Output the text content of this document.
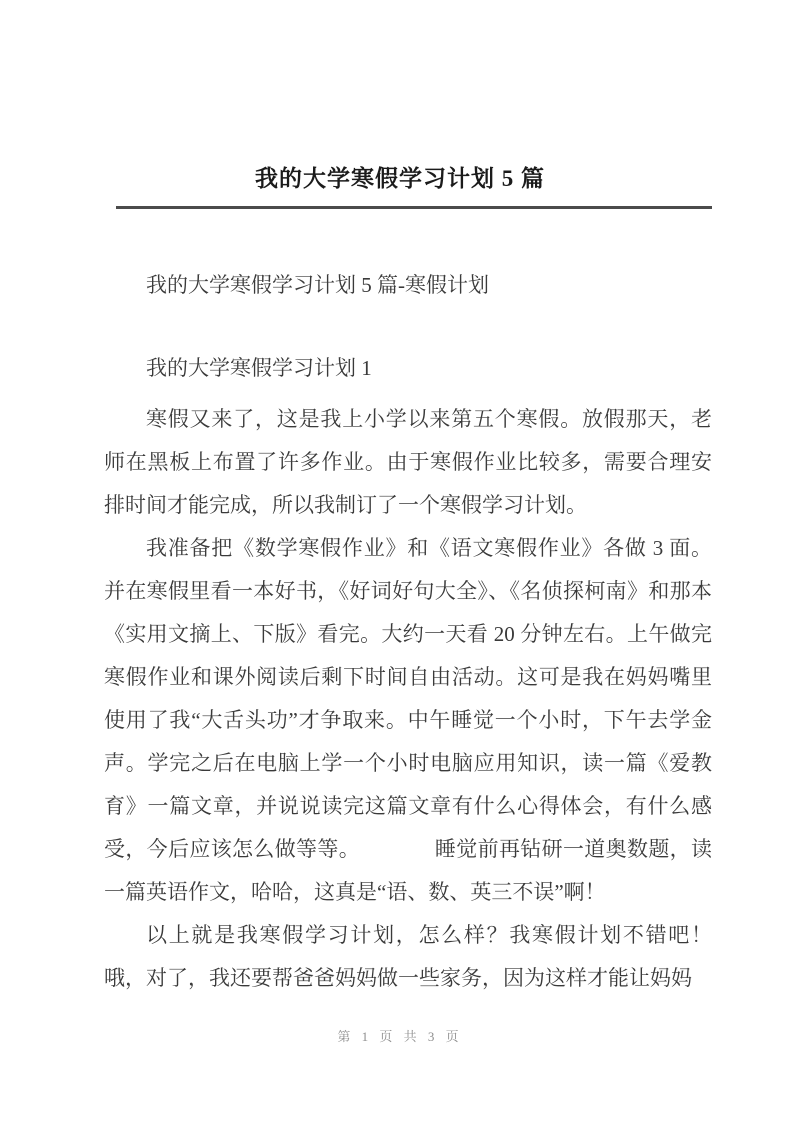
我的大学寒假学习计划 5 篇

我的大学寒假学习计划 5 篇-寒假计划

我的大学寒假学习计划 1

寒假又来了，这是我上小学以来第五个寒假。放假那天，老师在黑板上布置了许多作业。由于寒假作业比较多，需要合理安排时间才能完成，所以我制订了一个寒假学习计划。

我准备把《数学寒假作业》和《语文寒假作业》各做 3 面。并在寒假里看一本好书，《好词好句大全》、《名侦探柯南》和那本《实用文摘上、下版》看完。大约一天看 20 分钟左右。上午做完寒假作业和课外阅读后剩下时间自由活动。这可是我在妈妈嘴里使用了我“大舌头功”才争取来。中午睡觉一个小时，下午去学金声。学完之后在电脑上学一个小时电脑应用知识，读一篇《爱教育》一篇文章，并说说读完这篇文章有什么心得体会，有什么感受，今后应该怎么做等等。　　　　睡觉前再钻研一道奥数题，读一篇英语作文，哈哈，这真是“语、数、英三不误”啊！

以上就是我寒假学习计划，怎么样？我寒假计划不错吧！哦，对了，我还要帮爸爸妈妈做一些家务，因为这样才能让妈妈

第 1 页 共 3 页
